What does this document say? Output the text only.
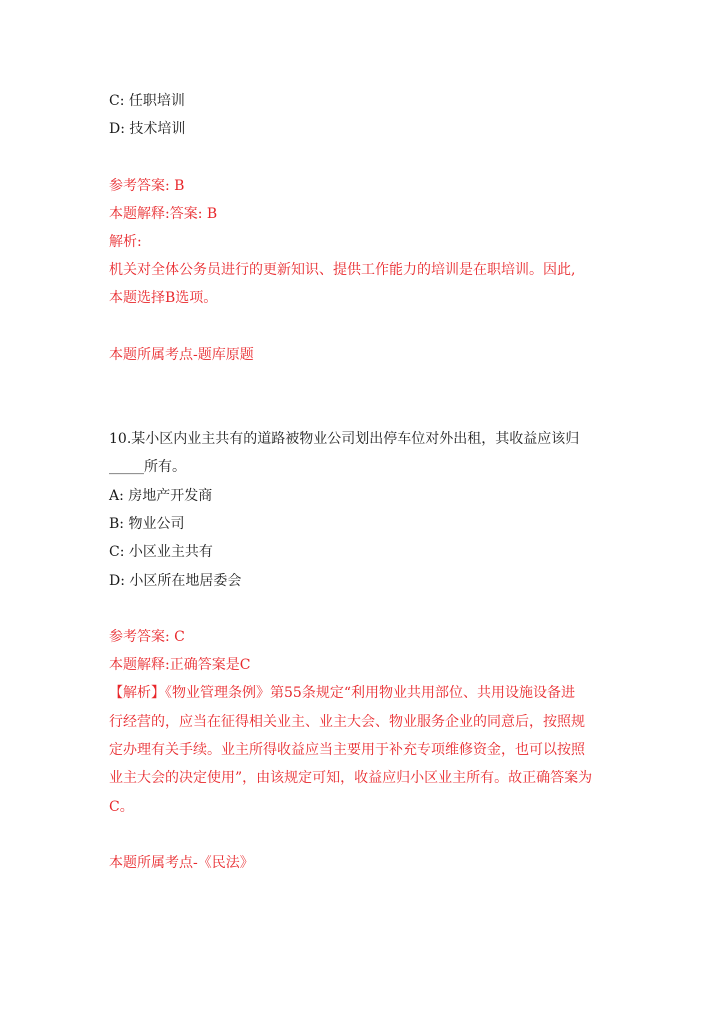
C: 任职培训
D: 技术培训
参考答案: B
本题解释:答案: B
解析:
机关对全体公务员进行的更新知识、提供工作能力的培训是在职培训。因此,
本题选择B选项。
本题所属考点-题库原题
10.某小区内业主共有的道路被物业公司划出停车位对外出租，其收益应该归
_____所有。
A: 房地产开发商
B: 物业公司
C: 小区业主共有
D: 小区所在地居委会
参考答案: C
本题解释:正确答案是C
【解析】《物业管理条例》第55条规定“利用物业共用部位、共用设施设备进
行经营的，应当在征得相关业主、业主大会、物业服务企业的同意后，按照规
定办理有关手续。业主所得收益应当主要用于补充专项维修资金，也可以按照
业主大会的决定使用”，由该规定可知，收益应归小区业主所有。故正确答案为
C。
本题所属考点-《民法》
